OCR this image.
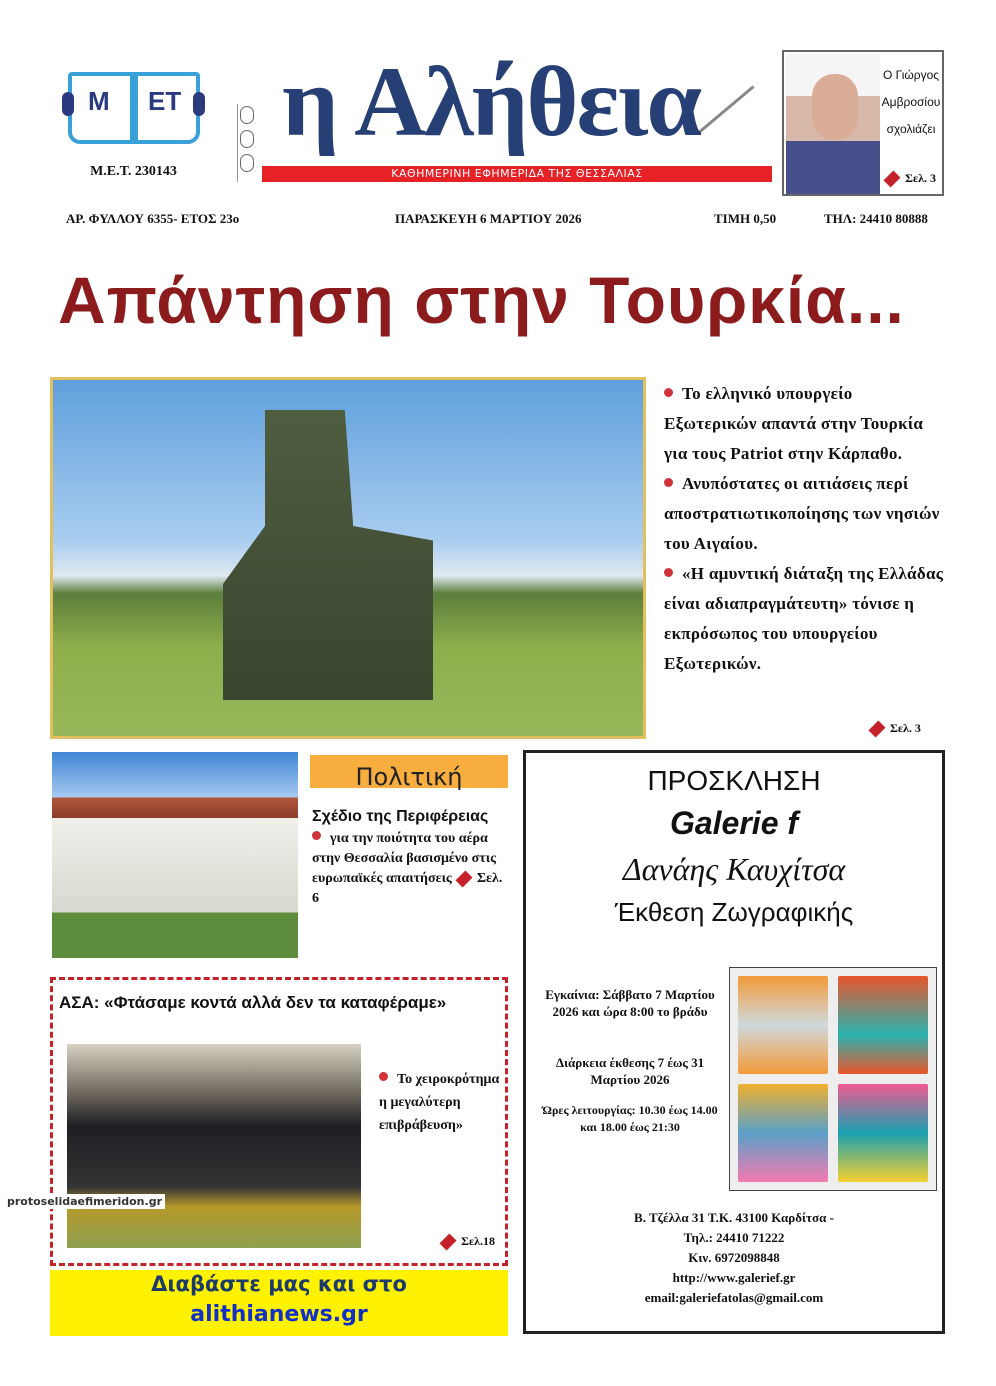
Μ ΕΤ
Μ.Ε.Τ. 230143
η Αλήθεια
ΚΑΘΗΜΕΡΙΝΗ ΕΦΗΜΕΡΙΔΑ ΤΗΣ ΘΕΣΣΑΛΙΑΣ
Ο Γιώργος
Αμβροσίου
σχολιάζει
Σελ. 3
ΑΡ. ΦΥΛΛΟΥ 6355- ΕΤΟΣ 23ο	ΠΑΡΑΣΚΕΥΗ 6 ΜΑΡΤΙΟΥ 2026	ΤΙΜΗ 0,50	ΤΗΛ: 24410 80888
Απάντηση στην Τουρκία...
Το ελληνικό υπουργείο Εξωτερικών απαντά στην Τουρκία για τους Patriot στην Κάρπαθο.
Ανυπόστατες οι αιτιάσεις περί αποστρατιωτικοποίησης των νησιών του Αιγαίου.
«Η αμυντική διάταξη της Ελλάδας είναι αδιαπραγμάτευτη» τόνισε η εκπρόσωπος του υπουργείου Εξωτερικών.
Σελ. 3
Πολιτική
Σχέδιο της Περιφέρειας
για την ποιότητα του αέρα στην Θεσσαλία βασισμένο στις ευρωπαϊκές απαιτήσεις Σελ. 6
ΑΣΑ: «Φτάσαμε κοντά αλλά δεν τα καταφέραμε»
Το χειροκρότημα η μεγαλύτερη επιβράβευση»
Σελ.18
protoselidaefimeridon.gr
Διαβάστε μας και στο
alithianews.gr
ΠΡΟΣΚΛΗΣΗ
Galerie f
Δανάης Καυχίτσα
Έκθεση Ζωγραφικής
Εγκαίνια: Σάββατο 7 Μαρτίου 2026 και ώρα 8:00 το βράδυ
Διάρκεια έκθεσης 7 έως 31 Μαρτίου 2026
Ώρες λειτουργίας: 10.30 έως 14.00 και 18.00 έως 21:30
Β. Τζέλλα 31 Τ.Κ. 43100 Καρδίτσα -
Τηλ.: 24410 71222
Κιν. 6972098848
http://www.galerief.gr
email:galeriefatolas@gmail.com
